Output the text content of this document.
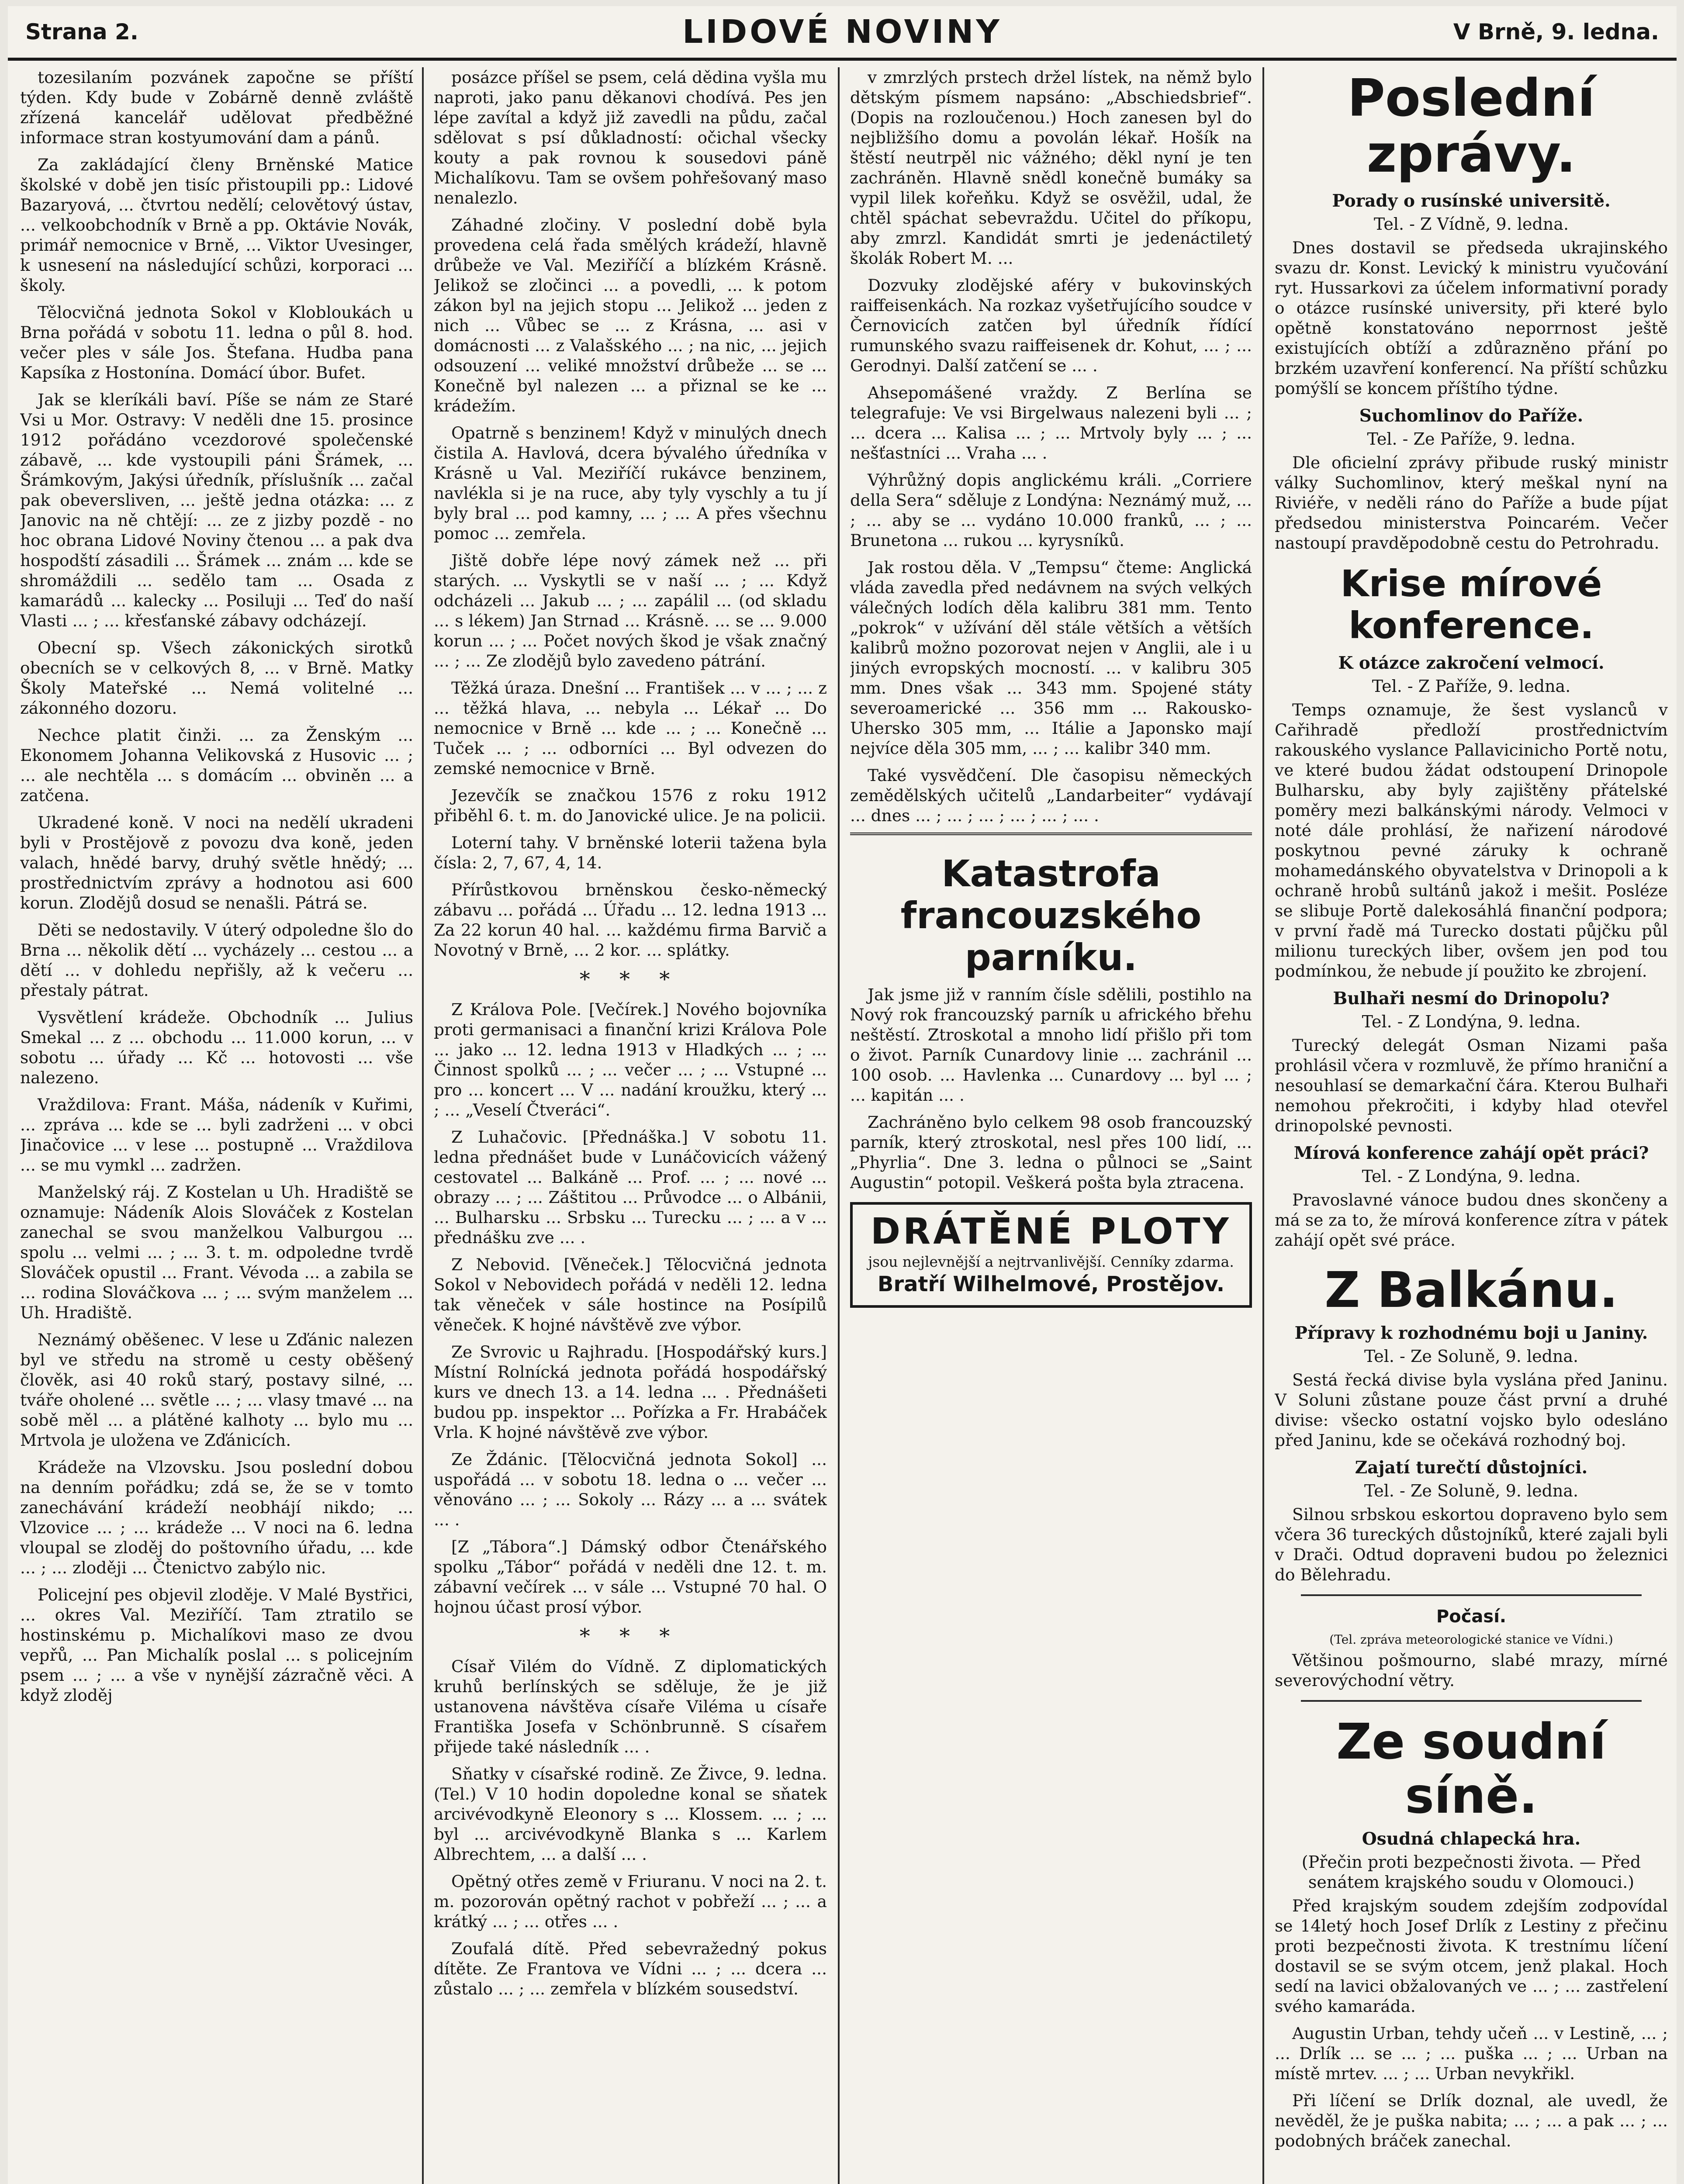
Strana 2.	LIDOVÉ NOVINY	V Brně, 9. ledna.

tozesilaním pozvánek započne se příští týden. Kdy bude v Zobárně denně zvláště zřízená kancelář udělovat předběžné informace stran kostyumování dam a pánů.

Za zakládající členy Brněnské Matice školské v době jen tisíc přistoupili pp.: Lidové Bazaryová, ... čtvrtou nedělí; celovětový ústav, ... velkoobchodník v Brně a pp. Oktávie Novák, primář nemocnice v Brně, ... Viktor Uvesinger, k usnesení na následující schůzi, korporaci ... školy.

Tělocvičná jednota Sokol v Klobloukách u Brna pořádá v sobotu 11. ledna o půl 8. hod. večer ples v sále Jos. Štefana. Hudba pana Kapsíka z Hostonína. Domácí úbor. Bufet.

Jak se kleríkáli baví. Píše se nám ze Staré Vsi u Mor. Ostravy: V neděli dne 15. prosince 1912 pořádáno vcezdorové společenské zábavě, ... kde vystoupili páni Šrámek, ... Šrámkovým, Jakýsi úředník, příslušník ... začal pak obeversliven, ... ještě jedna otázka: ... z Janovic na ně chtějí: ... ze z jizby pozdě - no hoc obrana Lidové Noviny čtenou ... a pak dva hospodští zásadili ... Šrámek ... znám ... kde se shromáždili ... sedělo tam ... Osada z kamarádů ... kalecky ... Posiluji ... Teď do naší Vlasti ... ; ... křesťanské zábavy odcházejí.

Obecní sp. Všech zákonických sirotků obecních se v celkových 8, ... v Brně. Matky Školy Mateřské ... Nemá volitelné ... zákonného dozoru.

Nechce platit činži. ... za Ženským ... Ekonomem Johanna Velikovská z Husovic ... ; ... ale nechtěla ... s domácím ... obviněn ... a zatčena.

Ukradené koně. V noci na nedělí ukradeni byli v Prostějově z povozu dva koně, jeden valach, hnědé barvy, druhý světle hnědý; ... prostřednictvím zprávy a hodnotou asi 600 korun. Zlodějů dosud se nenašli. Pátrá se.

Děti se nedostavily. V úterý odpoledne šlo do Brna ... několik dětí ... vycházely ... cestou ... a dětí ... v dohledu nepřišly, až k večeru ... přestaly pátrat.

Vysvětlení krádeže. Obchodník ... Julius Smekal ... z ... obchodu ... 11.000 korun, ... v sobotu ... úřady ... Kč ... hotovosti ... vše nalezeno.

Vraždilova: Frant. Máša, nádeník v Kuřimi, ... zpráva ... kde se ... byli zadrženi ... v obci Jinačovice ... v lese ... postupně ... Vraždilova ... se mu vymkl ... zadržen.

Manželský ráj. Z Kostelan u Uh. Hradiště se oznamuje: Nádeník Alois Slováček z Kostelan zanechal se svou manželkou Valburgou ... spolu ... velmi ... ; ... 3. t. m. odpoledne tvrdě Slováček opustil ... Frant. Vévoda ... a zabila se ... rodina Slováčkova ... ; ... svým manželem ... Uh. Hradiště.

Neznámý oběšenec. V lese u Zďánic nalezen byl ve středu na stromě u cesty oběšený člověk, asi 40 roků starý, postavy silné, ... tváře oholené ... světle ... ; ... vlasy tmavé ... na sobě měl ... a plátěné kalhoty ... bylo mu ... Mrtvola je uložena ve Zďánicích.

Krádeže na Vlzovsku. Jsou poslední dobou na denním pořádku; zdá se, že se v tomto zanechávání krádeží neobhájí nikdo; ... Vlzovice ... ; ... krádeže ... V noci na 6. ledna vloupal se zloděj do poštovního úřadu, ... kde ... ; ... zloději ... Čtenictvo zabýlo nic.

Policejní pes objevil zloděje. V Malé Bystřici, ... okres Val. Meziříčí. Tam ztratilo se hostinskému p. Michalíkovi maso ze dvou vepřů, ... Pan Michalík poslal ... s policejním psem ... ; ... a vše v nynější zázračně věci. A když zloděj

posázce příšel se psem, celá dědina vyšla mu naproti, jako panu děkanovi chodívá. Pes jen lépe zavítal a když již zavedli na půdu, začal sdělovat s psí důkladností: očichal všecky kouty a pak rovnou k sousedovi páně Michalíkovu. Tam se ovšem pohřešovaný maso nenalezlo.

Záhadné zločiny. V poslední době byla provedena celá řada smělých krádeží, hlavně drůbeže ve Val. Meziříčí a blízkém Krásně. Jelikož se zločinci ... a povedli, ... k potom zákon byl na jejich stopu ... Jelikož ... jeden z nich ... Vůbec se ... z Krásna, ... asi v domácnosti ... z Valašského ... ; na nic, ... jejich odsouzení ... veliké množství drůbeže ... se ... Konečně byl nalezen ... a přiznal se ke ... krádežím.

Opatrně s benzinem! Když v minulých dnech čistila A. Havlová, dcera bývalého úředníka v Krásně u Val. Meziříčí rukávce benzinem, navlékla si je na ruce, aby tyly vyschly a tu jí byly bral ... pod kamny, ... ; ... A přes všechnu pomoc ... zemřela.

Jiště dobře lépe nový zámek než ... při starých. ... Vyskytli se v naší ... ; ... Když odcházeli ... Jakub ... ; ... zapálil ... (od skladu ... s lékem) Jan Strnad ... Krásně. ... se ... 9.000 korun ... ; ... Počet nových škod je však značný ... ; ... Ze zlodějů bylo zavedeno pátrání.

Těžká úraza. Dnešní ... František ... v ... ; ... z ... těžká hlava, ... nebyla ... Lékař ... Do nemocnice v Brně ... kde ... ; ... Konečně ... Tuček ... ; ... odborníci ... Byl odvezen do zemské nemocnice v Brně.

Jezevčík se značkou 1576 z roku 1912 přiběhl 6. t. m. do Janovické ulice. Je na policii.

Loterní tahy. V brněnské loterii tažena byla čísla: 2, 7, 67, 4, 14.

Přírůstkovou brněnskou česko-německý zábavu ... pořádá ... Úřadu ... 12. ledna 1913 ... Za 22 korun 40 hal. ... každému firma Barvič a Novotný v Brně, ... 2 kor. ... splátky.

* * *

Z Králova Pole. [Večírek.] Nového bojovníka proti germanisaci a finanční krizi Králova Pole ... jako ... 12. ledna 1913 v Hladkých ... ; ... Činnost spolků ... ; ... večer ... ; ... Vstupné ... pro ... koncert ... V ... nadání kroužku, který ... ; ... „Veselí Čtveráci“.

Z Luhačovic. [Přednáška.] V sobotu 11. ledna přednášet bude v Lunáčovicích vážený cestovatel ... Balkáně ... Prof. ... ; ... nové ... obrazy ... ; ... Záštitou ... Průvodce ... o Albánii, ... Bulharsku ... Srbsku ... Turecku ... ; ... a v ... přednášku zve ... .

Z Nebovid. [Věneček.] Tělocvičná jednota Sokol v Nebovidech pořádá v neděli 12. ledna tak věneček v sále hostince na Posípilů věneček. K hojné návštěvě zve výbor.

Ze Svrovic u Rajhradu. [Hospodářský kurs.] Místní Rolnícká jednota pořádá hospodářský kurs ve dnech 13. a 14. ledna ... . Přednášeti budou pp. inspektor ... Pořízka a Fr. Hrabáček Vrla. K hojné návštěvě zve výbor.

Ze Ždánic. [Tělocvičná jednota Sokol] ... uspořádá ... v sobotu 18. ledna o ... večer ... věnováno ... ; ... Sokoly ... Rázy ... a ... svátek ... .

[Z „Tábora“.] Dámský odbor Čtenářského spolku „Tábor“ pořádá v neděli dne 12. t. m. zábavní večírek ... v sále ... Vstupné 70 hal. O hojnou účast prosí výbor.

* * *

Císař Vilém do Vídně. Z diplomatických kruhů berlínských se sděluje, že je již ustanovena návštěva císaře Viléma u císaře Františka Josefa v Schönbrunně. S císařem přijede také následník ... .

Sňatky v císařské rodině. Ze Živce, 9. ledna. (Tel.) V 10 hodin dopoledne konal se sňatek arcivévodkyně Eleonory s ... Klossem. ... ; ... byl ... arcivévodkyně Blanka s ... Karlem Albrechtem, ... a další ... .

Opětný otřes země v Friuranu. V noci na 2. t. m. pozorován opětný rachot v pobřeží ... ; ... a krátký ... ; ... otřes ... .

Zoufalá dítě. Před sebevražedný pokus dítěte. Ze Frantova ve Vídni ... ; ... dcera ... zůstalo ... ; ... zemřela v blízkém sousedství.

v zmrzlých prstech držel lístek, na němž bylo dětským písmem napsáno: „Abschiedsbrief“. (Dopis na rozloučenou.) Hoch zanesen byl do nejbližšího domu a povolán lékař. Hošík na štěstí neutrpěl nic vážného; děkl nyní je ten zachráněn. Hlavně snědl konečně bumáky sa vypil lilek kořeňku. Když se osvěžil, udal, že chtěl spáchat sebevraždu. Učitel do příkopu, aby zmrzl. Kandidát smrti je jedenáctiletý školák Robert M. ...

Dozvuky zlodějské aféry v bukovinských raiffeisenkách. Na rozkaz vyšetřujícího soudce v Černovicích zatčen byl úředník řídící rumunského svazu raiffeisenek dr. Kohut, ... ; ... Gerodnyi. Další zatčení se ... .

Ahsepomášené vraždy. Z Berlína se telegrafuje: Ve vsi Birgelwaus nalezeni byli ... ; ... dcera ... Kalisa ... ; ... Mrtvoly byly ... ; ... nešťastníci ... Vraha ... .

Výhrůžný dopis anglickému králi. „Corriere della Sera“ sděluje z Londýna: Neznámý muž, ... ; ... aby se ... vydáno 10.000 franků, ... ; ... Brunetona ... rukou ... kyrysníků.

Jak rostou děla. V „Tempsu“ čteme: Anglická vláda zavedla před nedávnem na svých velkých válečných lodích děla kalibru 381 mm. Tento „pokrok“ v užívání děl stále větších a větších kalibrů možno pozorovat nejen v Anglii, ale i u jiných evropských mocností. ... v kalibru 305 mm. Dnes však ... 343 mm. Spojené státy severoamerické ... 356 mm ... Rakousko-Uhersko 305 mm, ... Itálie a Japonsko mají nejvíce děla 305 mm, ... ; ... kalibr 340 mm.

Také vysvědčení. Dle časopisu německých zemědělských učitelů „Landarbeiter“ vydávají ... dnes ... ; ... ; ... ; ... ; ... ; ... .

Katastrofa francouzského parníku.

Jak jsme již v ranním čísle sdělili, postihlo na Nový rok francouzský parník u afrického břehu neštěstí. Ztroskotal a mnoho lidí přišlo při tom o život. Parník Cunardovy linie ... zachránil ... 100 osob. ... Havlenka ... Cunardovy ... byl ... ; ... kapitán ... .

Zachráněno bylo celkem 98 osob francouzský parník, který ztroskotal, nesl přes 100 lidí, ... „Phyrlia“. Dne 3. ledna o půlnoci se „Saint Augustin“ potopil. Veškerá pošta byla ztracena.

DRÁTĚNÉ PLOTY
jsou nejlevnější a nejtrvanlivější. Cenníky zdarma.
Bratří Wilhelmové, Prostějov.
Poslední zprávy.
Porady o rusínské universitě.
Tel. - Z Vídně, 9. ledna.

Dnes dostavil se předseda ukrajinského svazu dr. Konst. Levický k ministru vyučování ryt. Hussarkovi za účelem informativní porady o otázce rusínské university, při které bylo opětně konstatováno neporrnost ještě existujících obtíží a zdůrazněno přání po brzkém uzavření konferencí. Na příští schůzku pomýšlí se koncem příštího týdne.

Suchomlinov do Paříže.
Tel. - Ze Paříže, 9. ledna.

Dle oficielní zprávy přibude ruský ministr války Suchomlinov, který meškal nyní na Riviéře, v neděli ráno do Paříže a bude píjat předsedou ministerstva Poincarém. Večer nastoupí pravděpodobně cestu do Petrohradu.

Krise mírové konference.
K otázce zakročení velmocí.
Tel. - Z Paříže, 9. ledna.

Temps oznamuje, že šest vyslanců v Cařihradě předloží prostřednictvím rakouského vyslance Pallavicinicho Portě notu, ve které budou žádat odstoupení Drinopole Bulharsku, aby byly zajištěny přátelské poměry mezi balkánskými národy. Velmoci v noté dále prohlásí, že nařizení národové poskytnou pevné záruky k ochraně mohamedánského obyvatelstva v Drinopoli a k ochraně hrobů sultánů jakož i mešit. Posléze se slibuje Portě dalekosáhlá finanční podpora; v první řadě má Turecko dostati půjčku půl milionu tureckých liber, ovšem jen pod tou podmínkou, že nebude jí použito ke zbrojení.

Bulhaři nesmí do Drinopolu?
Tel. - Z Londýna, 9. ledna.

Turecký delegát Osman Nizami paša prohlásil včera v rozmluvě, že přímo hraniční a nesouhlasí se demarkační čára. Kterou Bulhaři nemohou překročiti, i kdyby hlad otevřel drinopolské pevnosti.

Mírová konference zahájí opět práci?
Tel. - Z Londýna, 9. ledna.

Pravoslavné vánoce budou dnes skončeny a má se za to, že mírová konference zítra v pátek zahájí opět své práce.

Z Balkánu.
Přípravy k rozhodnému boji u Janiny.
Tel. - Ze Soluně, 9. ledna.

Sestá řecká divise byla vyslána před Janinu. V Soluni zůstane pouze část první a druhé divise: všecko ostatní vojsko bylo odesláno před Janinu, kde se očekává rozhodný boj.

Zajatí turečtí důstojníci.
Tel. - Ze Soluně, 9. ledna.

Silnou srbskou eskortou dopraveno bylo sem včera 36 tureckých důstojníků, které zajali byli v Drači. Odtud dopraveni budou po železnici do Bělehradu.

Počasí.
(Tel. zpráva meteorologické stanice ve Vídni.)

Většinou pošmourno, slabé mrazy, mírné severovýchodní větry.

Ze soudní síně.
Osudná chlapecká hra.
(Přečin proti bezpečnosti života. — Před senátem krajského soudu v Olomouci.)

Před krajským soudem zdejším zodpovídal se 14letý hoch Josef Drlík z Lestiny z přečinu proti bezpečnosti života. K trestnímu líčení dostavil se se svým otcem, jenž plakal. Hoch sedí na lavici obžalovaných ve ... ; ... zastřelení svého kamaráda.

Augustin Urban, tehdy učeň ... v Lestině, ... ; ... Drlík ... se ... ; ... puška ... ; ... Urban na místě mrtev. ... ; ... Urban nevykřikl.

Při líčení se Drlík doznal, ale uvedl, že nevěděl, že je puška nabita; ... ; ... a pak ... ; ... podobných bráček zanechal.
